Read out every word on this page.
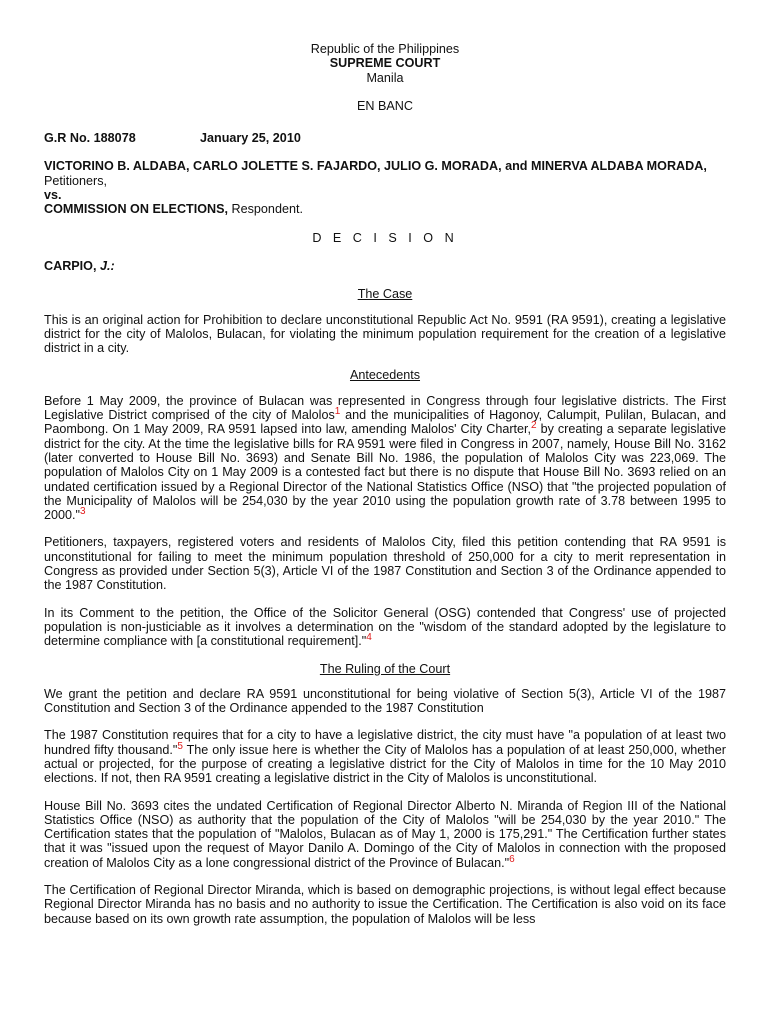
Republic of the Philippines
SUPREME COURT
Manila
EN BANC
G.R No. 188078	January 25, 2010
VICTORINO B. ALDABA, CARLO JOLETTE S. FAJARDO, JULIO G. MORADA, and MINERVA ALDABA MORADA, Petitioners,
vs.
COMMISSION ON ELECTIONS, Respondent.
D E C I S I O N
CARPIO, J.:
The Case

This is an original action for Prohibition to declare unconstitutional Republic Act No. 9591 (RA 9591), creating a legislative district for the city of Malolos, Bulacan, for violating the minimum population requirement for the creation of a legislative district in a city.

Antecedents

Before 1 May 2009, the province of Bulacan was represented in Congress through four legislative districts. The First Legislative District comprised of the city of Malolos$^1$ and the municipalities of Hagonoy, Calumpit, Pulilan, Bulacan, and Paombong. On 1 May 2009, RA 9591 lapsed into law, amending Malolos' City Charter,$^2$ by creating a separate legislative district for the city. At the time the legislative bills for RA 9591 were filed in Congress in 2007, namely, House Bill No. 3162 (later converted to House Bill No. 3693) and Senate Bill No. 1986, the population of Malolos City was 223,069. The population of Malolos City on 1 May 2009 is a contested fact but there is no dispute that House Bill No. 3693 relied on an undated certification issued by a Regional Director of the National Statistics Office (NSO) that "the projected population of the Municipality of Malolos will be 254,030 by the year 2010 using the population growth rate of 3.78 between 1995 to 2000."$^3$

Petitioners, taxpayers, registered voters and residents of Malolos City, filed this petition contending that RA 9591 is unconstitutional for failing to meet the minimum population threshold of 250,000 for a city to merit representation in Congress as provided under Section 5(3), Article VI of the 1987 Constitution and Section 3 of the Ordinance appended to the 1987 Constitution.

In its Comment to the petition, the Office of the Solicitor General (OSG) contended that Congress' use of projected population is non-justiciable as it involves a determination on the "wisdom of the standard adopted by the legislature to determine compliance with [a constitutional requirement]."$^4$

The Ruling of the Court

We grant the petition and declare RA 9591 unconstitutional for being violative of Section 5(3), Article VI of the 1987 Constitution and Section 3 of the Ordinance appended to the 1987 Constitution

The 1987 Constitution requires that for a city to have a legislative district, the city must have "a population of at least two hundred fifty thousand."$^5$ The only issue here is whether the City of Malolos has a population of at least 250,000, whether actual or projected, for the purpose of creating a legislative district for the City of Malolos in time for the 10 May 2010 elections. If not, then RA 9591 creating a legislative district in the City of Malolos is unconstitutional.

House Bill No. 3693 cites the undated Certification of Regional Director Alberto N. Miranda of Region III of the National Statistics Office (NSO) as authority that the population of the City of Malolos "will be 254,030 by the year 2010." The Certification states that the population of "Malolos, Bulacan as of May 1, 2000 is 175,291." The Certification further states that it was "issued upon the request of Mayor Danilo A. Domingo of the City of Malolos in connection with the proposed creation of Malolos City as a lone congressional district of the Province of Bulacan."$^6$

The Certification of Regional Director Miranda, which is based on demographic projections, is without legal effect because Regional Director Miranda has no basis and no authority to issue the Certification. The Certification is also void on its face because based on its own growth rate assumption, the population of Malolos will be less
